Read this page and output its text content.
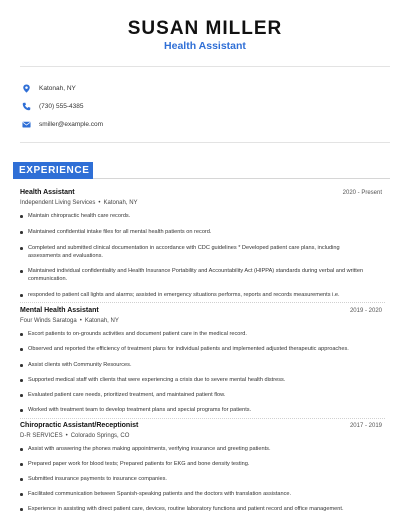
SUSAN MILLER
Health Assistant
Katonah, NY
(730) 555-4385
smiller@example.com
EXPERIENCE
Health Assistant	2020 - Present
Independent Living Services • Katonah, NY
Maintain chiropractic health care records.
Maintained confidential intake files for all mental health patients on record.
Completed and submitted clinical documentation in accordance with CDC guidelines * Developed patient care plans, including assessments and evaluations.
Maintained individual confidentiality and Health Insurance Portability and Accountability Act (HIPPA) standards during verbal and written communication.
responded to patient call lights and alarms; assisted in emergency situations performs, reports and records measurements i.e.
Mental Health Assistant	2019 - 2020
Four Winds Saratoga • Katonah, NY
Escort patients to on-grounds activities and document patient care in the medical record.
Observed and reported the efficiency of treatment plans for individual patients and implemented adjusted therapeutic approaches.
Assist clients with Community Resources.
Supported medical staff with clients that were experiencing a crisis due to severe mental health distress.
Evaluated patient care needs, prioritized treatment, and maintained patient flow.
Worked with treatment team to develop treatment plans and special programs for patients.
Chiropractic Assistant/Receptionist	2017 - 2019
D-R SERVICES • Colorado Springs, CO
Assist with answering the phones making appointments, verifying insurance and greeting patients.
Prepared paper work for blood tests; Prepared patients for EKG and bone density testing.
Submitted insurance payments to insurance companies.
Facilitated communication between Spanish-speaking patients and the doctors with translation assistance.
Experience in assisting with direct patient care, devices, routine laboratory functions and patient record and office management.
